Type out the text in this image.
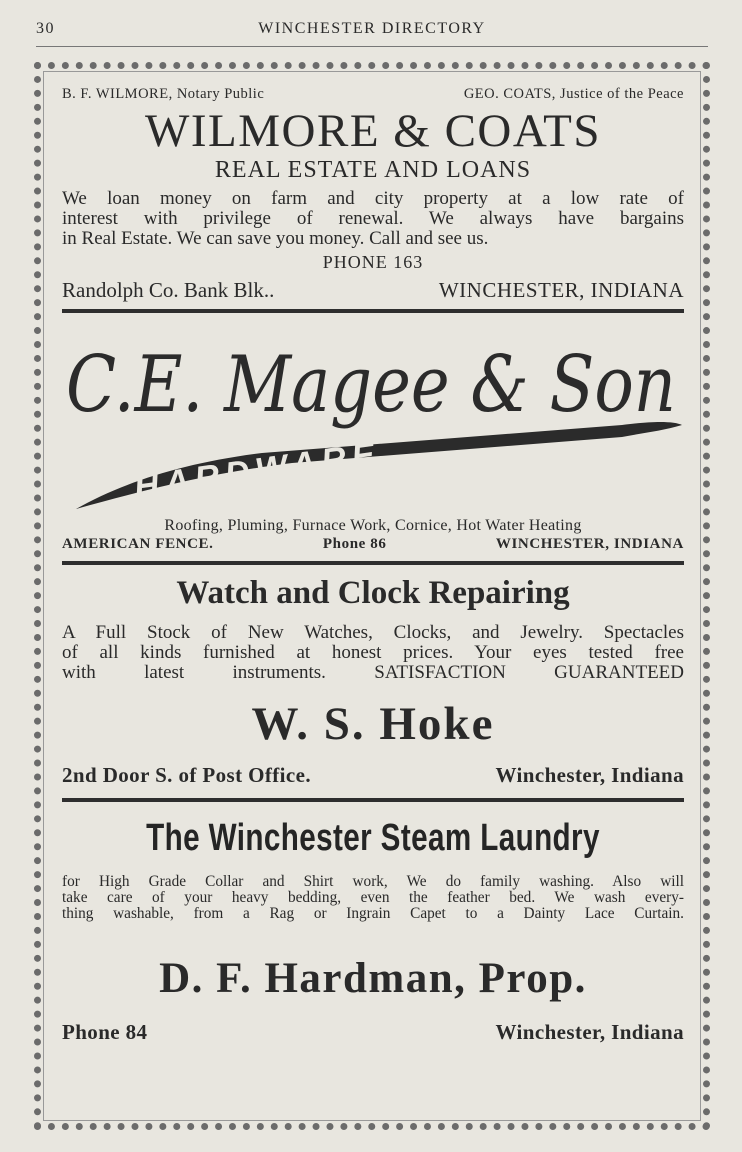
30	WINCHESTER DIRECTORY
B. F. WILMORE, Notary Public	GEO. COATS, Justice of the Peace
WILMORE & COATS
REAL ESTATE AND LOANS
We loan money on farm and city property at a low rate of
interest with privilege of renewal. We always have bargains
in Real Estate. We can save you money. Call and see us.
PHONE 163
Randolph Co. Bank Blk..	WINCHESTER, INDIANA
HARDWARE
C.E. Magee & Son
Roofing, Pluming, Furnace Work, Cornice, Hot Water Heating
AMERICAN FENCE.	Phone 86	WINCHESTER, INDIANA
Watch and Clock Repairing
A Full Stock of New Watches, Clocks, and Jewelry. Spectacles
of all kinds furnished at honest prices. Your eyes tested free
with latest instruments. SATISFACTION GUARANTEED
W. S. Hoke
2nd Door S. of Post Office.	Winchester, Indiana
The Winchester Steam Laundry
for High Grade Collar and Shirt work, We do family washing. Also will
take care of your heavy bedding, even the feather bed. We wash every-
thing washable, from a Rag or Ingrain Capet to a Dainty Lace Curtain.
D. F. Hardman, Prop.
Phone 84	Winchester, Indiana
